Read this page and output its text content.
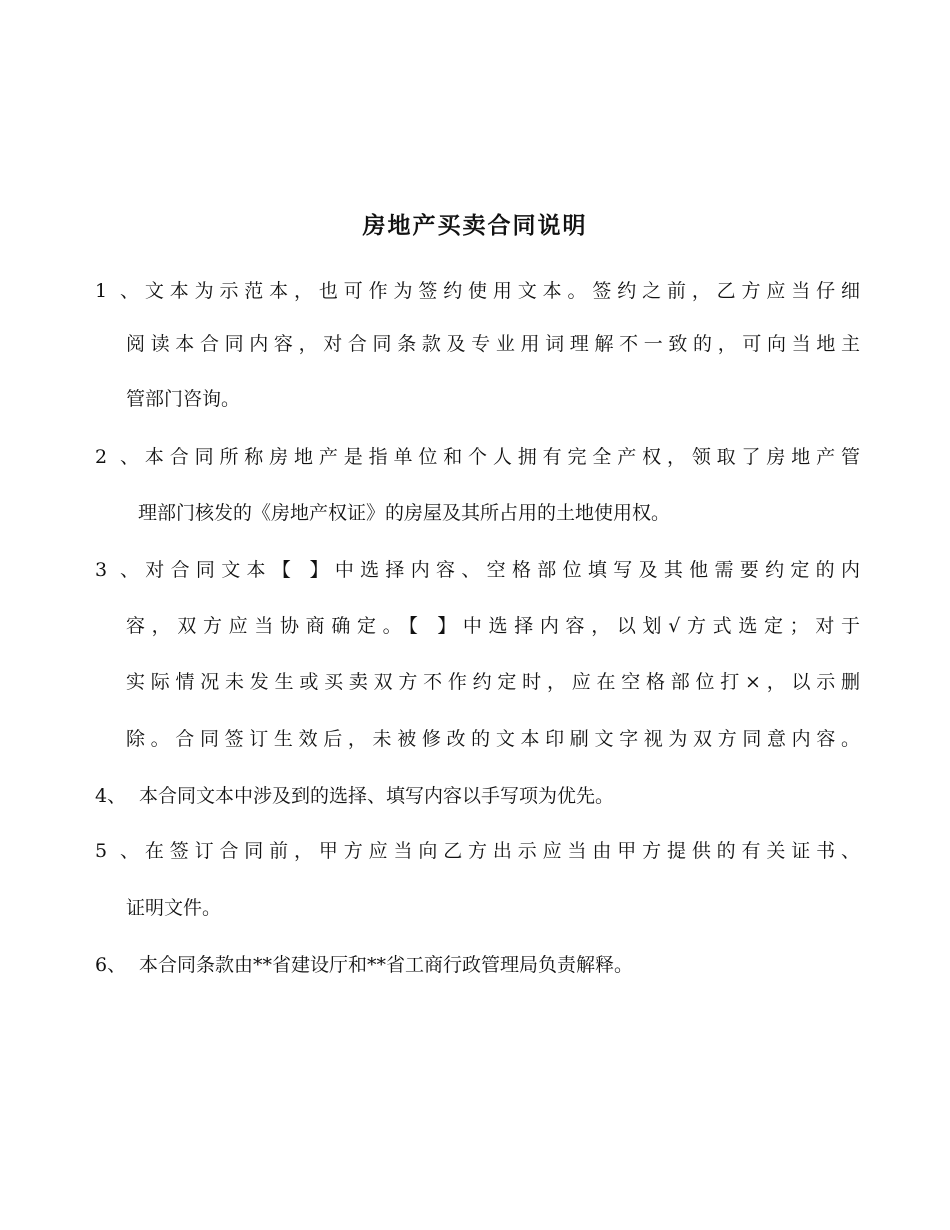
房地产买卖合同说明
1、文本为示范本，也可作为签约使用文本。签约之前，乙方应当仔细
阅读本合同内容，对合同条款及专业用词理解不一致的，可向当地主
管部门咨询。
2、本合同所称房地产是指单位和个人拥有完全产权，领取了房地产管
理部门核发的《房地产权证》的房屋及其所占用的土地使用权。
3、对合同文本【 】中选择内容、空格部位填写及其他需要约定的内
容，双方应当协商确定。【 】中选择内容，以划√方式选定；对于
实际情况未发生或买卖双方不作约定时，应在空格部位打×，以示删
除。合同签订生效后，未被修改的文本印刷文字视为双方同意内容。
4、 本合同文本中涉及到的选择、填写内容以手写项为优先。
5、在签订合同前，甲方应当向乙方出示应当由甲方提供的有关证书、
证明文件。
6、 本合同条款由**省建设厅和**省工商行政管理局负责解释。
